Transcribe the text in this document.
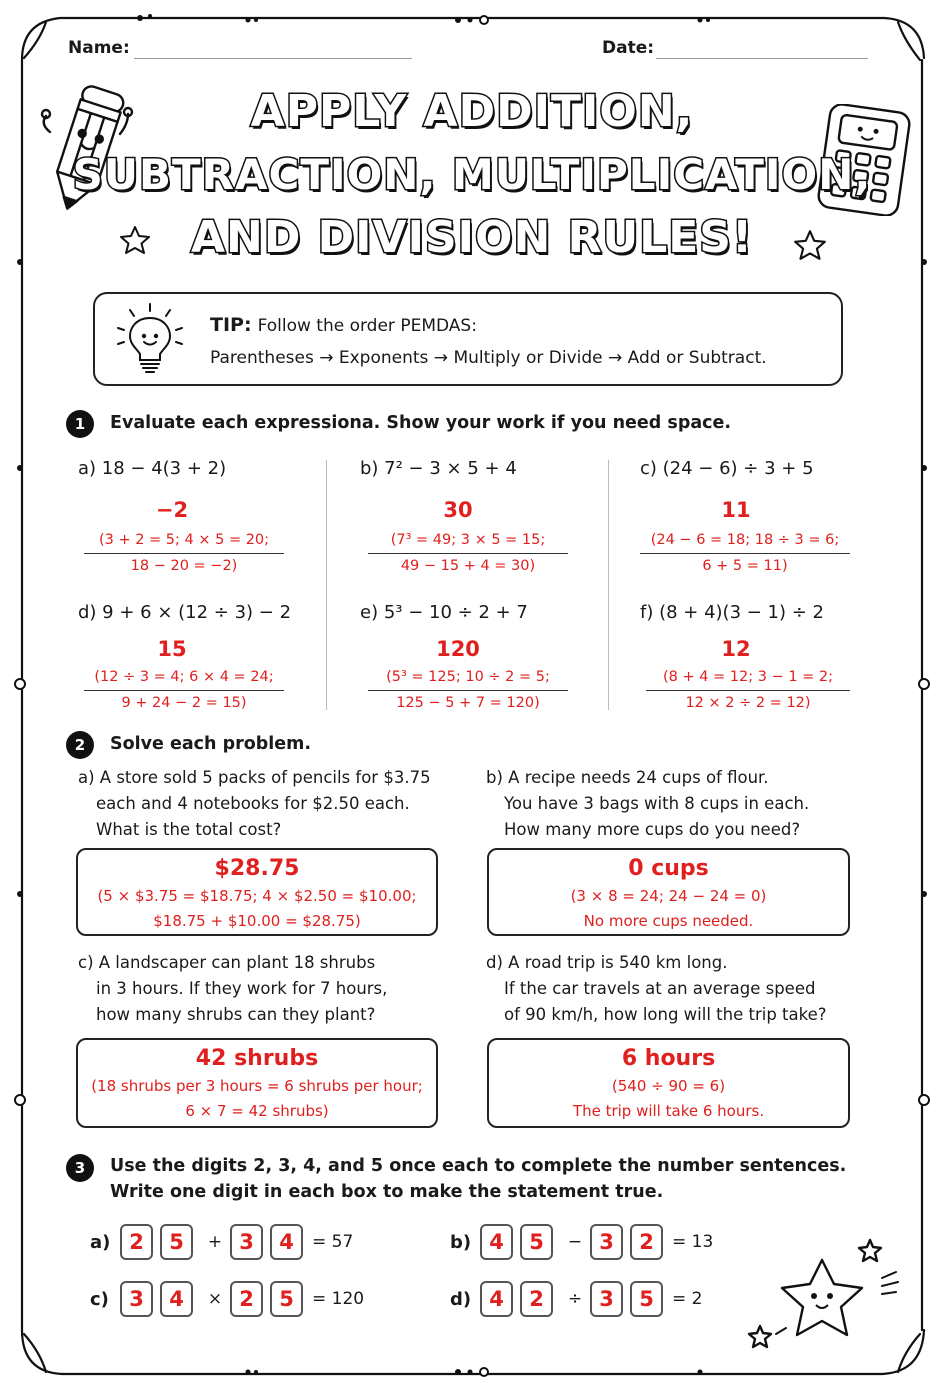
Name:	Date:
APPLY ADDITION,
SUBTRACTION, MULTIPLICATION,
AND DIVISION RULES!
TIP: Follow the order PEMDAS:
Parentheses → Exponents → Multiply or Divide → Add or Subtract.
1	Evaluate each expressiona. Show your work if you need space.
a) 18 − 4(3 + 2)
−2
(3 + 2 = 5; 4 × 5 = 20;
18 − 20 = −2)
b) 7² − 3 × 5 + 4
30
(7³ = 49; 3 × 5 = 15;
49 − 15 + 4 = 30)
c) (24 − 6) ÷ 3 + 5
11
(24 − 6 = 18; 18 ÷ 3 = 6;
6 + 5 = 11)
d) 9 + 6 × (12 ÷ 3) − 2
15
(12 ÷ 3 = 4; 6 × 4 = 24;
9 + 24 − 2 = 15)
e) 5³ − 10 ÷ 2 + 7
120
(5³ = 125; 10 ÷ 2 = 5;
125 − 5 + 7 = 120)
f) (8 + 4)(3 − 1) ÷ 2
12
(8 + 4 = 12; 3 − 1 = 2;
12 × 2 ÷ 2 = 12)
2	Solve each problem.
a) A store sold 5 packs of pencils for $3.75
each and 4 notebooks for $2.50 each.
What is the total cost?
$28.75
(5 × $3.75 = $18.75; 4 × $2.50 = $10.00;
$18.75 + $10.00 = $28.75)
b) A recipe needs 24 cups of flour.
You have 3 bags with 8 cups in each.
How many more cups do you need?
0 cups
(3 × 8 = 24; 24 − 24 = 0)
No more cups needed.
c) A landscaper can plant 18 shrubs
in 3 hours. If they work for 7 hours,
how many shrubs can they plant?
42 shrubs
(18 shrubs per 3 hours = 6 shrubs per hour;
6 × 7 = 42 shrubs)
d) A road trip is 540 km long.
If the car travels at an average speed
of 90 km/h, how long will the trip take?
6 hours
(540 ÷ 90 = 6)
The trip will take 6 hours.
3	Use the digits 2, 3, 4, and 5 once each to complete the number sentences.
Write one digit in each box to make the statement true.
a) 2	5	+ 3	4	= 57	b) 4	5	− 3	2	= 13
c) 3	4	× 2	5	= 120	d) 4	2	÷ 3	5	= 2
